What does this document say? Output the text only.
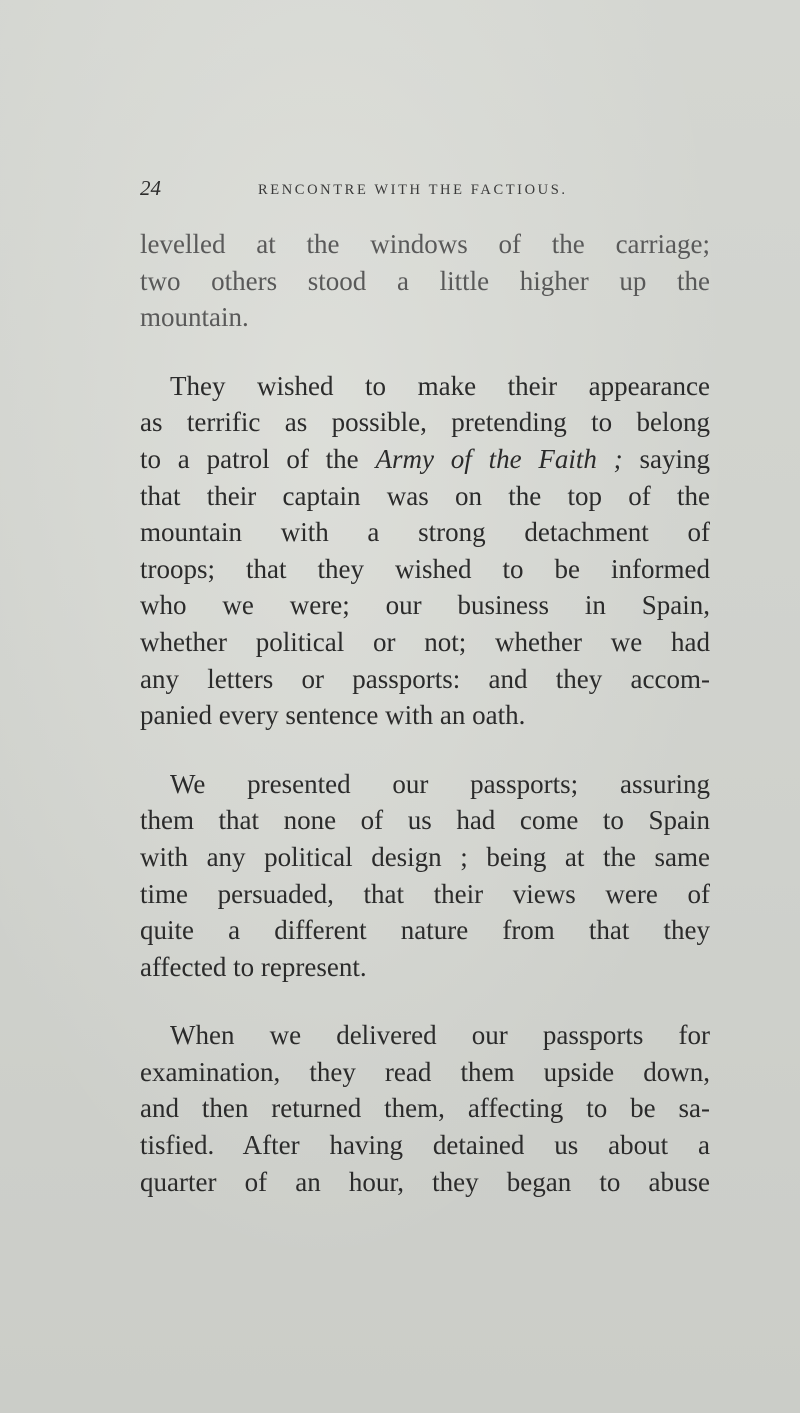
24	RENCONTRE WITH THE FACTIOUS.
levelled at the windows of the carriage;
two others stood a little higher up the
mountain.
They wished to make their appearance
as terrific as possible, pretending to belong
to a patrol of the Army of the Faith ; saying
that their captain was on the top of the
mountain with a strong detachment of
troops; that they wished to be informed
who we were; our business in Spain,
whether political or not; whether we had
any letters or passports: and they accom-
panied every sentence with an oath.
We presented our passports; assuring
them that none of us had come to Spain
with any political design ; being at the same
time persuaded, that their views were of
quite a different nature from that they
affected to represent.
When we delivered our passports for
examination, they read them upside down,
and then returned them, affecting to be sa-
tisfied. After having detained us about a
quarter of an hour, they began to abuse
